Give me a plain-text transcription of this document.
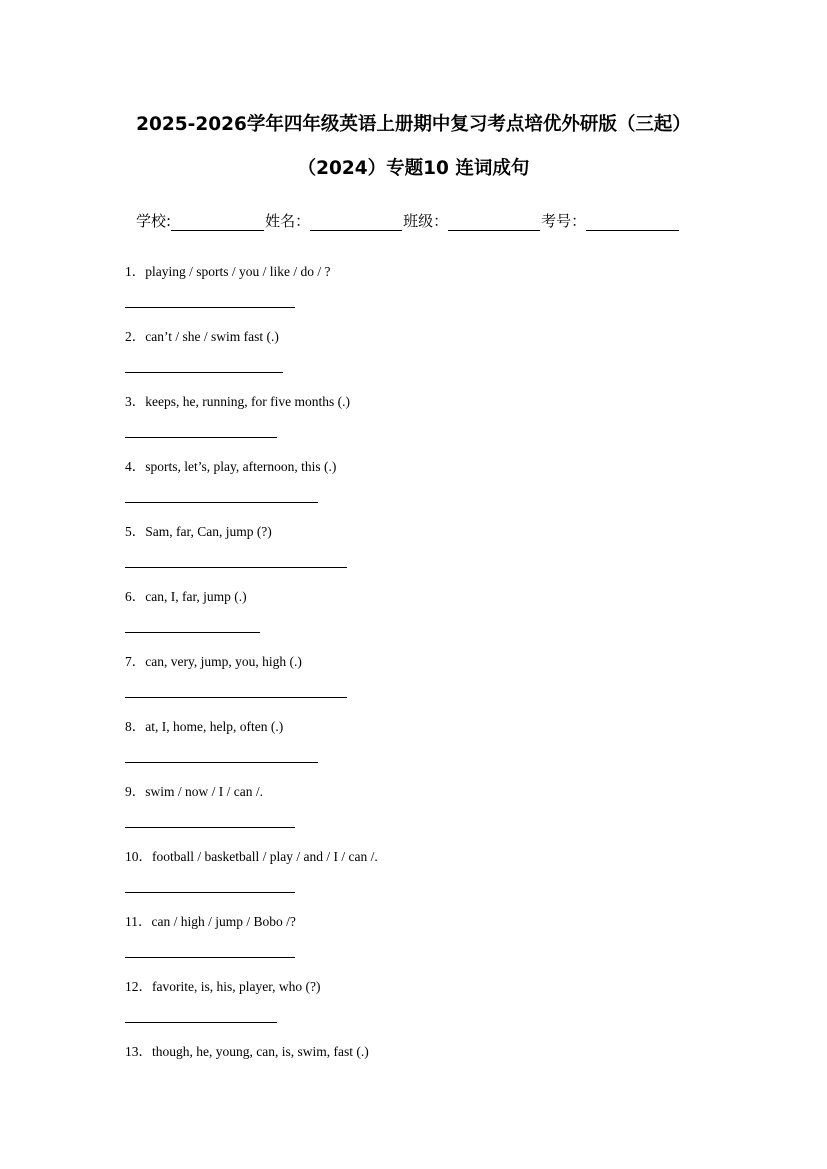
2025-2026学年四年级英语上册期中复习考点培优外研版（三起）
（2024）专题10 连词成句
学校:	姓名：	班级：	考号：
1．playing / sports / you / like / do / ?
2．can’t / she / swim fast (.)
3．keeps, he, running, for five months (.)
4．sports, let’s, play, afternoon, this (.)
5．Sam, far, Can, jump (?)
6．can, I, far, jump (.)
7．can, very, jump, you, high (.)
8．at, I, home, help, often (.)
9．swim / now / I / can /.
10．football / basketball / play / and / I / can /.
11．can / high / jump / Bobo /?
12．favorite, is, his, player, who (?)
13．though, he, young, can, is, swim, fast (.)
